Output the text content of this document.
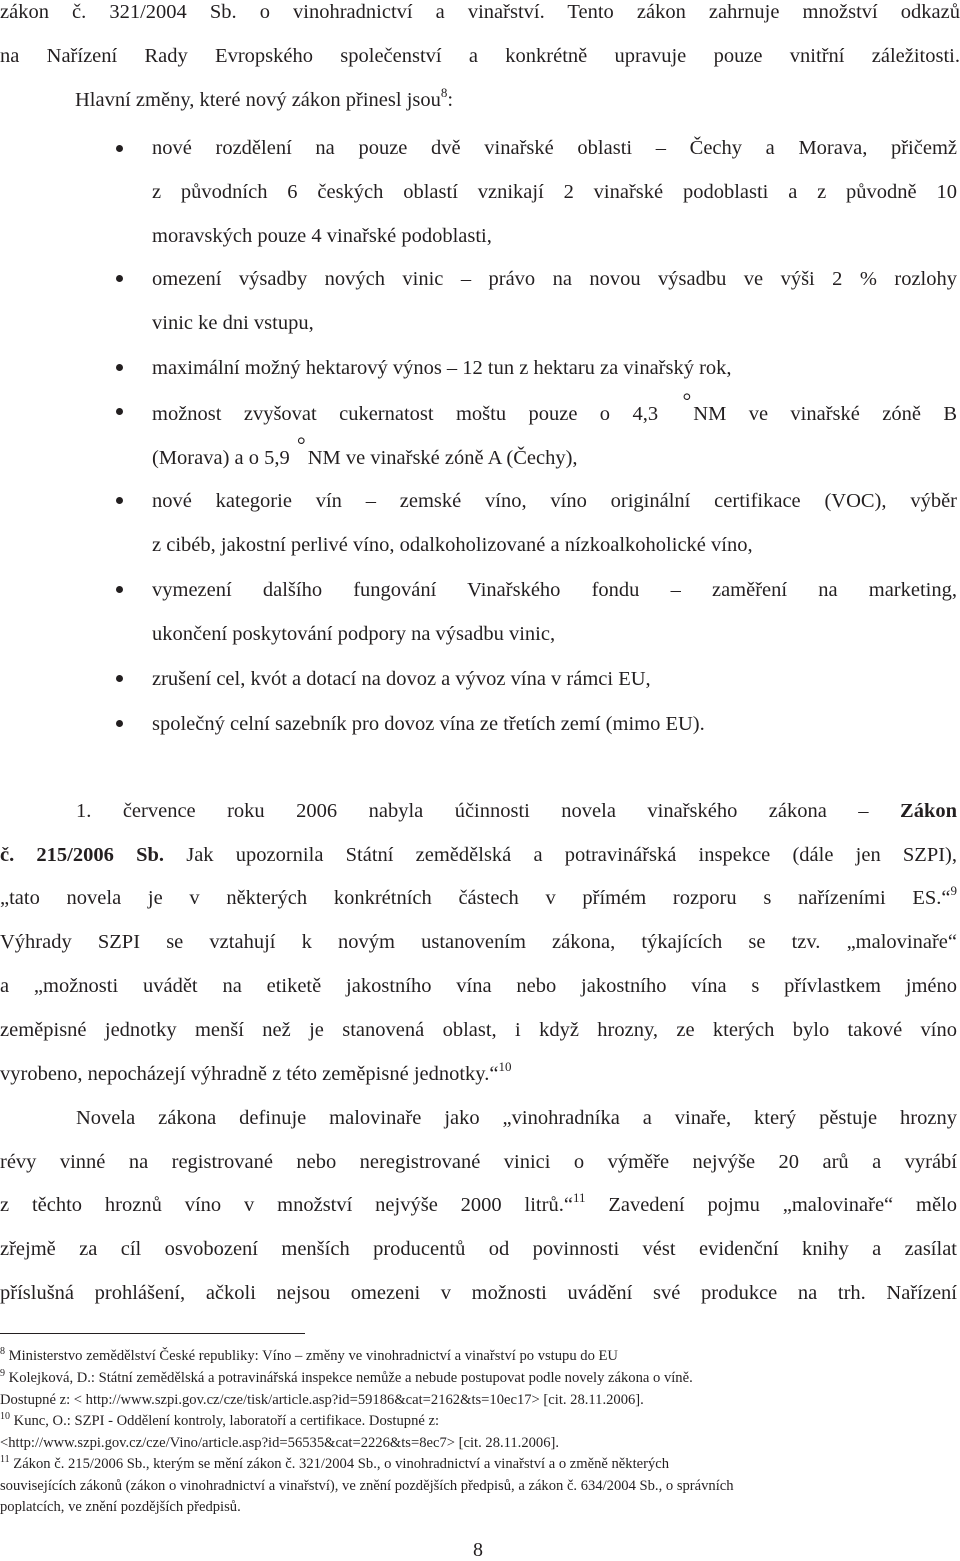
zákon č. 321/2004 Sb. o vinohradnictví a vinařství. Tento zákon zahrnuje množství odkazů
na Nařízení Rady Evropského společenství a konkrétně upravuje pouze vnitřní záležitosti.
Hlavní změny, které nový zákon přinesl jsou$^8$:
nové rozdělení na pouze dvě vinařské oblasti – Čechy a Morava, přičemž
z původních 6 českých oblastí vznikají 2 vinařské podoblasti a z původně 10
moravských pouze 4 vinařské podoblasti,
omezení výsadby nových vinic – právo na novou výsadbu ve výši 2 % rozlohy
vinic ke dni vstupu,
maximální možný hektarový výnos – 12 tun z hektaru za vinařský rok,
možnost zvyšovat cukernatost moštu pouze o 4,3 °NM ve vinařské zóně B
(Morava) a o 5,9 °NM ve vinařské zóně A (Čechy),
nové kategorie vín – zemské víno, víno originální certifikace (VOC), výběr
z cibéb, jakostní perlivé víno, odalkoholizované a nízkoalkoholické víno,
vymezení dalšího fungování Vinařského fondu – zaměření na marketing,
ukončení poskytování podpory na výsadbu vinic,
zrušení cel, kvót a dotací na dovoz a vývoz vína v rámci EU,
společný celní sazebník pro dovoz vína ze třetích zemí (mimo EU).
1. července roku 2006 nabyla účinnosti novela vinařského zákona – Zákon
č. 215/2006 Sb. Jak upozornila Státní zemědělská a potravinářská inspekce (dále jen SZPI),
„tato novela je v některých konkrétních částech v přímém rozporu s nařízeními ES.“$^9$
Výhrady SZPI se vztahují k novým ustanovením zákona, týkajících se tzv. „malovinaře“
a „možnosti uvádět na etiketě jakostního vína nebo jakostního vína s přívlastkem jméno
zeměpisné jednotky menší než je stanovená oblast, i když hrozny, ze kterých bylo takové víno
vyrobeno, nepocházejí výhradně z této zeměpisné jednotky.“$^{10}$
Novela zákona definuje malovinaře jako „vinohradníka a vinaře, který pěstuje hrozny
révy vinné na registrované nebo neregistrované vinici o výměře nejvýše 20 arů a vyrábí
z těchto hroznů víno v množství nejvýše 2000 litrů.“$^{11}$ Zavedení pojmu „malovinaře“ mělo
zřejmě za cíl osvobození menších producentů od povinnosti vést evidenční knihy a zasílat
příslušná prohlášení, ačkoli nejsou omezeni v možnosti uvádění své produkce na trh. Nařízení
$^8$ Ministerstvo zemědělství České republiky: Víno – změny ve vinohradnictví a vinařství po vstupu do EU
$^9$ Kolejková, D.: Státní zemědělská a potravinářská inspekce nemůže a nebude postupovat podle novely zákona o víně.
Dostupné z: < http://www.szpi.gov.cz/cze/tisk/article.asp?id=59186&cat=2162&ts=10ec17> [cit. 28.11.2006].
$^{10}$ Kunc, O.: SZPI - Oddělení kontroly, laboratoří a certifikace. Dostupné z:
<http://www.szpi.gov.cz/cze/Vino/article.asp?id=56535&cat=2226&ts=8ec7> [cit. 28.11.2006].
$^{11}$ Zákon č. 215/2006 Sb., kterým se mění zákon č. 321/2004 Sb., o vinohradnictví a vinařství a o změně některých
souvisejících zákonů (zákon o vinohradnictví a vinařství), ve znění pozdějších předpisů, a zákon č. 634/2004 Sb., o správních
poplatcích, ve znění pozdějších předpisů.
8
